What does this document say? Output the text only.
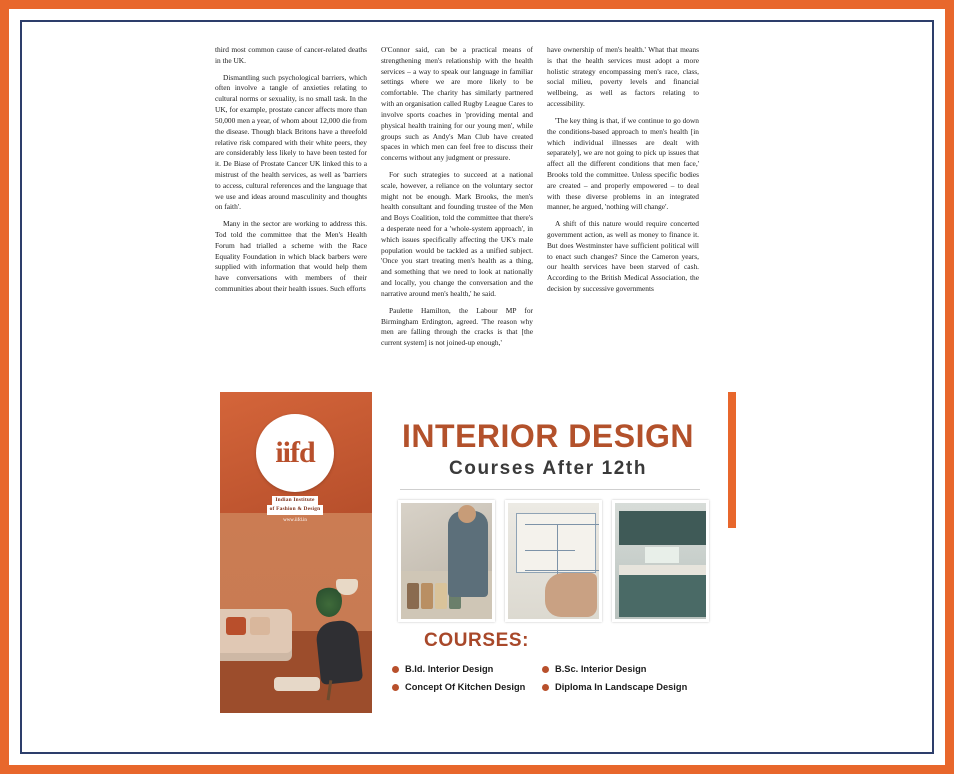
third most common cause of cancer-related deaths in the UK.

Dismantling such psychological barriers, which often involve a tangle of anxieties relating to cultural norms or sexuality, is no small task. In the UK, for example, prostate cancer affects more than 50,000 men a year, of whom about 12,000 die from the disease. Though black Britons have a threefold relative risk compared with their white peers, they are considerably less likely to have been tested for it. De Biase of Prostate Cancer UK linked this to a mistrust of the health services, as well as 'barriers to access, cultural references and the language that we use and ideas around masculinity and thoughts on faith'.

Many in the sector are working to address this. Tod told the committee that the Men's Health Forum had trialled a scheme with the Race Equality Foundation in which black barbers were supplied with information that would help them have conversations with members of their communities about their health issues. Such efforts

O'Connor said, can be a practical means of strengthening men's relationship with the health services – a way to speak our language in familiar settings where we are more likely to be comfortable. The charity has similarly partnered with an organisation called Rugby League Cares to involve sports coaches in 'providing mental and physical health training for our young men', while groups such as Andy's Man Club have created spaces in which men can feel free to discuss their concerns without any judgment or pressure.

For such strategies to succeed at a national scale, however, a reliance on the voluntary sector might not be enough. Mark Brooks, the men's health consultant and founding trustee of the Men and Boys Coalition, told the committee that there's a desperate need for a 'whole-system approach', in which issues specifically affecting the UK's male population would be tackled as a unified subject. 'Once you start treating men's health as a thing, and something that we need to look at nationally and locally, you change the conversation and the narrative around men's health,' he said.

Paulette Hamilton, the Labour MP for Birmingham Erdington, agreed. 'The reason why men are falling through the cracks is that [the current system] is not joined-up enough,'

have ownership of men's health.' What that means is that the health services must adopt a more holistic strategy encompassing men's race, class, social milieu, poverty levels and financial wellbeing, as well as factors relating to accessibility.

'The key thing is that, if we continue to go down the conditions-based approach to men's health [in which individual illnesses are dealt with separately], we are not going to pick up issues that affect all the different conditions that men face,' Brooks told the committee. Unless specific bodies are created – and properly empowered – to deal with these diverse problems in an integrated manner, he argued, 'nothing will change'.

A shift of this nature would require concerted government action, as well as money to finance it. But does Westminster have sufficient political will to enact such changes? Since the Cameron years, our health services have been starved of cash. According to the British Medical Association, the decision by successive governments

iifd
Indian Institute
of Fashion & Design
www.iifd.in
INTERIOR DESIGN
Courses After 12th
COURSES:
B.Id. Interior Design	B.Sc. Interior Design
Concept Of Kitchen Design	Diploma In Landscape Design
